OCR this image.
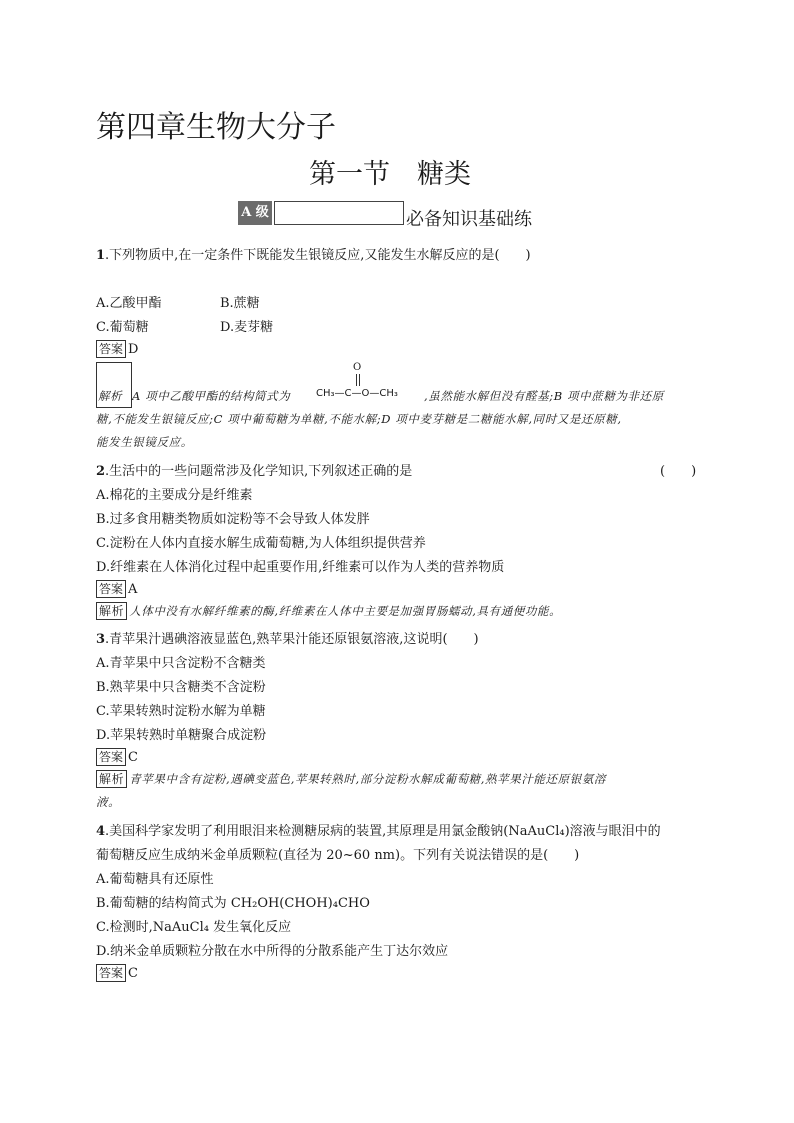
第四章生物大分子
第一节　糖类
A 级	必备知识基础练
1.下列物质中,在一定条件下既能发生银镜反应,又能发生水解反应的是(　　)
A.乙酸甲酯	B.蔗糖
C.葡萄糖	D.麦芽糖
答案 D
解析 A 项中乙酸甲酯的结构简式为
O
CH₃—C—O—CH₃ ,虽然能水解但没有醛基;B 项中蔗糖为非还原
糖,不能发生银镜反应;C 项中葡萄糖为单糖,不能水解;D 项中麦芽糖是二糖能水解,同时又是还原糖,
能发生银镜反应。
2.生活中的一些问题常涉及化学知识,下列叙述正确的是	(　　)
A.棉花的主要成分是纤维素
B.过多食用糖类物质如淀粉等不会导致人体发胖
C.淀粉在人体内直接水解生成葡萄糖,为人体组织提供营养
D.纤维素在人体消化过程中起重要作用,纤维素可以作为人类的营养物质
答案 A
解析 人体中没有水解纤维素的酶,纤维素在人体中主要是加强胃肠蠕动,具有通便功能。
3.青苹果汁遇碘溶液显蓝色,熟苹果汁能还原银氨溶液,这说明(　　)
A.青苹果中只含淀粉不含糖类
B.熟苹果中只含糖类不含淀粉
C.苹果转熟时淀粉水解为单糖
D.苹果转熟时单糖聚合成淀粉
答案 C
解析 青苹果中含有淀粉,遇碘变蓝色,苹果转熟时,部分淀粉水解成葡萄糖,熟苹果汁能还原银氨溶
液。
4.美国科学家发明了利用眼泪来检测糖尿病的装置,其原理是用氯金酸钠(NaAuCl₄)溶液与眼泪中的
葡萄糖反应生成纳米金单质颗粒(直径为 20~60 nm)。下列有关说法错误的是(　　)
A.葡萄糖具有还原性
B.葡萄糖的结构简式为 CH₂OH(CHOH)₄CHO
C.检测时,NaAuCl₄ 发生氧化反应
D.纳米金单质颗粒分散在水中所得的分散系能产生丁达尔效应
答案 C
